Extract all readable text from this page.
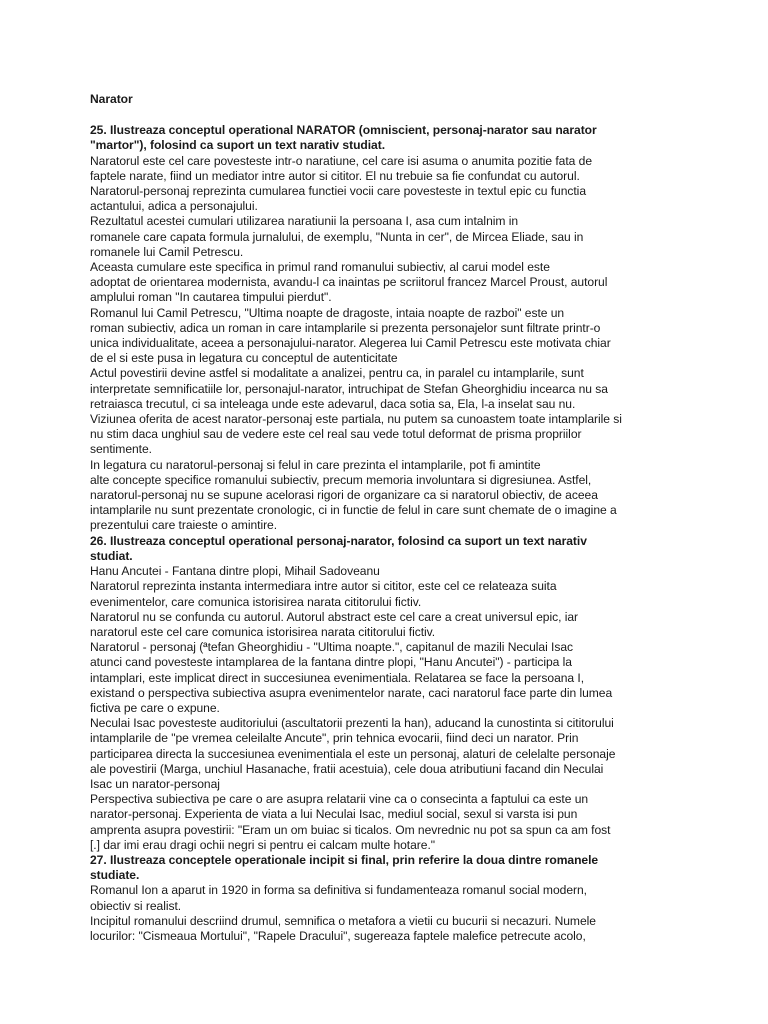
Narator
25. Ilustreaza conceptul operational NARATOR (omniscient, personaj-narator sau narator
"martor"), folosind ca suport un text narativ studiat.
Naratorul este cel care povesteste intr-o naratiune, cel care isi asuma o anumita pozitie fata de
faptele narate, fiind un mediator intre autor si cititor. El nu trebuie sa fie confundat cu autorul.
Naratorul-personaj reprezinta cumularea functiei vocii care povesteste in textul epic cu functia
actantului, adica a personajului.
Rezultatul acestei cumulari utilizarea naratiunii la persoana I, asa cum intalnim in
romanele care capata formula jurnalului, de exemplu, "Nunta in cer", de Mircea Eliade, sau in
romanele lui Camil Petrescu.
Aceasta cumulare este specifica in primul rand romanului subiectiv, al carui model este
adoptat de orientarea modernista, avandu-l ca inaintas pe scriitorul francez Marcel Proust, autorul
amplului roman "In cautarea timpului pierdut".
Romanul lui Camil Petrescu, "Ultima noapte de dragoste, intaia noapte de razboi" este un
roman subiectiv, adica un roman in care intamplarile si prezenta personajelor sunt filtrate printr-o
unica individualitate, aceea a personajului-narator. Alegerea lui Camil Petrescu este motivata chiar
de el si este pusa in legatura cu conceptul de autenticitate
Actul povestirii devine astfel si modalitate a analizei, pentru ca, in paralel cu intamplarile, sunt
interpretate semnificatiile lor, personajul-narator, intruchipat de Stefan Gheorghidiu incearca nu sa
retraiasca trecutul, ci sa inteleaga unde este adevarul, daca sotia sa, Ela, l-a inselat sau nu.
Viziunea oferita de acest narator-personaj este partiala, nu putem sa cunoastem toate intamplarile si
nu stim daca unghiul sau de vedere este cel real sau vede totul deformat de prisma propriilor
sentimente.
In legatura cu naratorul-personaj si felul in care prezinta el intamplarile, pot fi amintite
alte concepte specifice romanului subiectiv, precum memoria involuntara si digresiunea. Astfel,
naratorul-personaj nu se supune acelorasi rigori de organizare ca si naratorul obiectiv, de aceea
intamplarile nu sunt prezentate cronologic, ci in functie de felul in care sunt chemate de o imagine a
prezentului care traieste o amintire.
26. Ilustreaza conceptul operational personaj-narator, folosind ca suport un text narativ
studiat.
Hanu Ancutei - Fantana dintre plopi, Mihail Sadoveanu
Naratorul reprezinta instanta intermediara intre autor si cititor, este cel ce relateaza suita
evenimentelor, care comunica istorisirea narata cititorului fictiv.
Naratorul nu se confunda cu autorul. Autorul abstract este cel care a creat universul epic, iar
naratorul este cel care comunica istorisirea narata cititorului fictiv.
Naratorul - personaj (ªtefan Gheorghidiu - "Ultima noapte.", capitanul de mazili Neculai Isac
atunci cand povesteste intamplarea de la fantana dintre plopi, "Hanu Ancutei") - participa la
intamplari, este implicat direct in succesiunea evenimentiala. Relatarea se face la persoana I,
existand o perspectiva subiectiva asupra evenimentelor narate, caci naratorul face parte din lumea
fictiva pe care o expune.
Neculai Isac povesteste auditoriului (ascultatorii prezenti la han), aducand la cunostinta si cititorului
intamplarile de "pe vremea celeilalte Ancute", prin tehnica evocarii, fiind deci un narator. Prin
participarea directa la succesiunea evenimentiala el este un personaj, alaturi de celelalte personaje
ale povestirii (Marga, unchiul Hasanache, fratii acestuia), cele doua atributiuni facand din Neculai
Isac un narator-personaj
Perspectiva subiectiva pe care o are asupra relatarii vine ca o consecinta a faptului ca este un
narator-personaj. Experienta de viata a lui Neculai Isac, mediul social, sexul si varsta isi pun
amprenta asupra povestirii: "Eram un om buiac si ticalos. Om nevrednic nu pot sa spun ca am fost
[.] dar imi erau dragi ochii negri si pentru ei calcam multe hotare."
27. Ilustreaza conceptele operationale incipit si final, prin referire la doua dintre romanele
studiate.
Romanul Ion a aparut in 1920 in forma sa definitiva si fundamenteaza romanul social modern,
obiectiv si realist.
Incipitul romanului descriind drumul, semnifica o metafora a vietii cu bucurii si necazuri. Numele
locurilor: "Cismeaua Mortului", "Rapele Dracului", sugereaza faptele malefice petrecute acolo,
